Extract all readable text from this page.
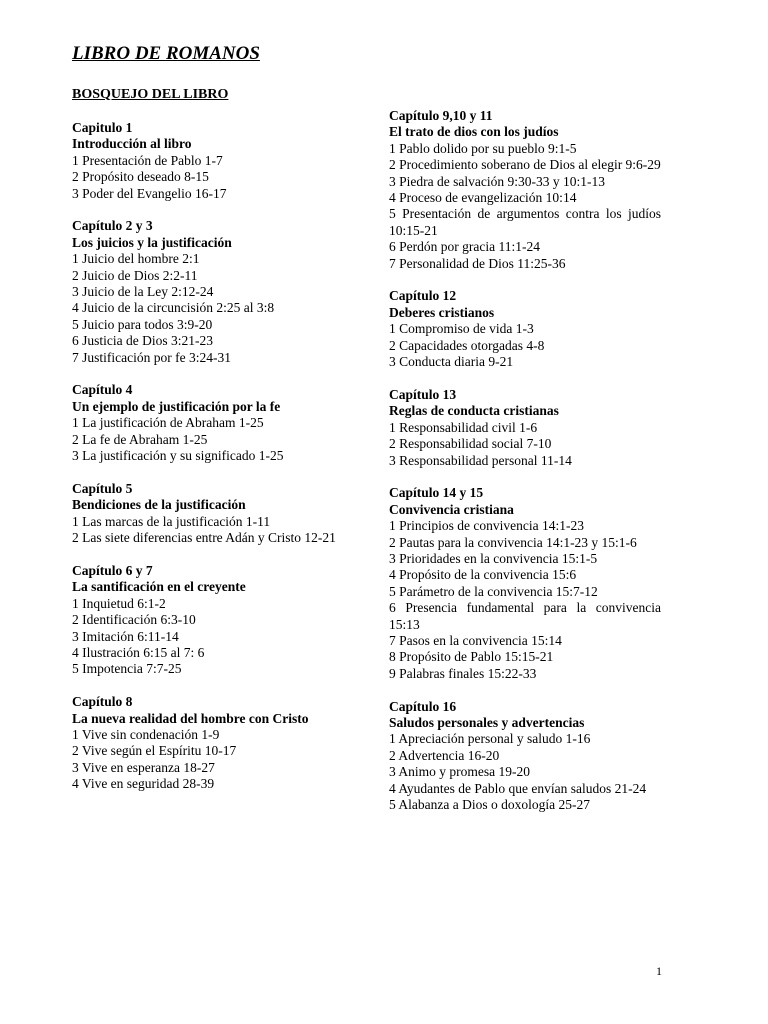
LIBRO DE ROMANOS
BOSQUEJO DEL LIBRO
Capitulo 1
Introducción al libro
1 Presentación de Pablo 1-7
2 Propósito deseado 8-15
3 Poder del Evangelio 16-17
Capítulo 2 y 3
Los juicios y la justificación
1 Juicio del hombre 2:1
2 Juicio de Dios 2:2-11
3 Juicio de la Ley 2:12-24
4 Juicio de la circuncisión 2:25 al 3:8
5 Juicio para todos 3:9-20
6 Justicia de Dios 3:21-23
7 Justificación por fe 3:24-31
Capítulo 4
Un ejemplo de justificación por la fe
1 La justificación de Abraham 1-25
2 La fe de Abraham 1-25
3 La justificación y su significado 1-25
Capítulo 5
Bendiciones de la justificación
1 Las marcas de la justificación 1-11
2 Las siete diferencias entre Adán y Cristo 12-21
Capítulo 6 y 7
La santificación en el creyente
1 Inquietud 6:1-2
2 Identificación 6:3-10
3 Imitación 6:11-14
4 Ilustración 6:15 al 7: 6
5 Impotencia 7:7-25
Capítulo 8
La nueva realidad del hombre con Cristo
1 Vive sin condenación 1-9
2 Vive según el Espíritu 10-17
3 Vive en esperanza 18-27
4 Vive en seguridad 28-39
Capítulo 9,10 y 11
El trato de dios con los judíos
1 Pablo dolido por su pueblo 9:1-5
2 Procedimiento soberano de Dios al elegir 9:6-29
3 Piedra de salvación 9:30-33 y 10:1-13
4 Proceso de evangelización 10:14
5 Presentación de argumentos contra los judíos 10:15-21
6 Perdón por gracia 11:1-24
7 Personalidad de Dios 11:25-36
Capítulo 12
Deberes cristianos
1 Compromiso de vida 1-3
2 Capacidades otorgadas 4-8
3 Conducta diaria 9-21
Capítulo 13
Reglas de conducta cristianas
1 Responsabilidad civil 1-6
2 Responsabilidad social 7-10
3 Responsabilidad personal 11-14
Capítulo 14 y 15
Convivencia cristiana
1 Principios de convivencia 14:1-23
2 Pautas para la convivencia 14:1-23 y 15:1-6
3 Prioridades en la convivencia 15:1-5
4 Propósito de la convivencia 15:6
5 Parámetro de la convivencia 15:7-12
6 Presencia fundamental para la convivencia 15:13
7 Pasos en la convivencia 15:14
8 Propósito de Pablo 15:15-21
9 Palabras finales 15:22-33
Capítulo 16
Saludos personales y advertencias
1 Apreciación personal y saludo 1-16
2 Advertencia 16-20
3 Animo y promesa 19-20
4 Ayudantes de Pablo que envían saludos 21-24
5 Alabanza a Dios o doxología 25-27
1
